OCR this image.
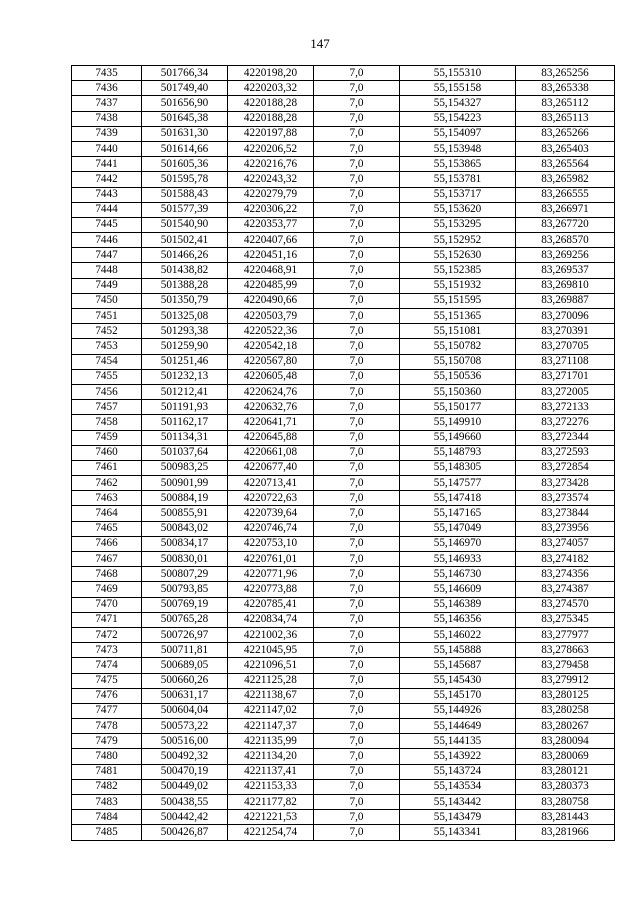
147
7435	501766,34	4220198,20	7,0	55,155310	83,265256
7436	501749,40	4220203,32	7,0	55,155158	83,265338
7437	501656,90	4220188,28	7,0	55,154327	83,265112
7438	501645,38	4220188,28	7,0	55,154223	83,265113
7439	501631,30	4220197,88	7,0	55,154097	83,265266
7440	501614,66	4220206,52	7,0	55,153948	83,265403
7441	501605,36	4220216,76	7,0	55,153865	83,265564
7442	501595,78	4220243,32	7,0	55,153781	83,265982
7443	501588,43	4220279,79	7,0	55,153717	83,266555
7444	501577,39	4220306,22	7,0	55,153620	83,266971
7445	501540,90	4220353,77	7,0	55,153295	83,267720
7446	501502,41	4220407,66	7,0	55,152952	83,268570
7447	501466,26	4220451,16	7,0	55,152630	83,269256
7448	501438,82	4220468,91	7,0	55,152385	83,269537
7449	501388,28	4220485,99	7,0	55,151932	83,269810
7450	501350,79	4220490,66	7,0	55,151595	83,269887
7451	501325,08	4220503,79	7,0	55,151365	83,270096
7452	501293,38	4220522,36	7,0	55,151081	83,270391
7453	501259,90	4220542,18	7,0	55,150782	83,270705
7454	501251,46	4220567,80	7,0	55,150708	83,271108
7455	501232,13	4220605,48	7,0	55,150536	83,271701
7456	501212,41	4220624,76	7,0	55,150360	83,272005
7457	501191,93	4220632,76	7,0	55,150177	83,272133
7458	501162,17	4220641,71	7,0	55,149910	83,272276
7459	501134,31	4220645,88	7,0	55,149660	83,272344
7460	501037,64	4220661,08	7,0	55,148793	83,272593
7461	500983,25	4220677,40	7,0	55,148305	83,272854
7462	500901,99	4220713,41	7,0	55,147577	83,273428
7463	500884,19	4220722,63	7,0	55,147418	83,273574
7464	500855,91	4220739,64	7,0	55,147165	83,273844
7465	500843,02	4220746,74	7,0	55,147049	83,273956
7466	500834,17	4220753,10	7,0	55,146970	83,274057
7467	500830,01	4220761,01	7,0	55,146933	83,274182
7468	500807,29	4220771,96	7,0	55,146730	83,274356
7469	500793,85	4220773,88	7,0	55,146609	83,274387
7470	500769,19	4220785,41	7,0	55,146389	83,274570
7471	500765,28	4220834,74	7,0	55,146356	83,275345
7472	500726,97	4221002,36	7,0	55,146022	83,277977
7473	500711,81	4221045,95	7,0	55,145888	83,278663
7474	500689,05	4221096,51	7,0	55,145687	83,279458
7475	500660,26	4221125,28	7,0	55,145430	83,279912
7476	500631,17	4221138,67	7,0	55,145170	83,280125
7477	500604,04	4221147,02	7,0	55,144926	83,280258
7478	500573,22	4221147,37	7,0	55,144649	83,280267
7479	500516,00	4221135,99	7,0	55,144135	83,280094
7480	500492,32	4221134,20	7,0	55,143922	83,280069
7481	500470,19	4221137,41	7,0	55,143724	83,280121
7482	500449,02	4221153,33	7,0	55,143534	83,280373
7483	500438,55	4221177,82	7,0	55,143442	83,280758
7484	500442,42	4221221,53	7,0	55,143479	83,281443
7485	500426,87	4221254,74	7,0	55,143341	83,281966
